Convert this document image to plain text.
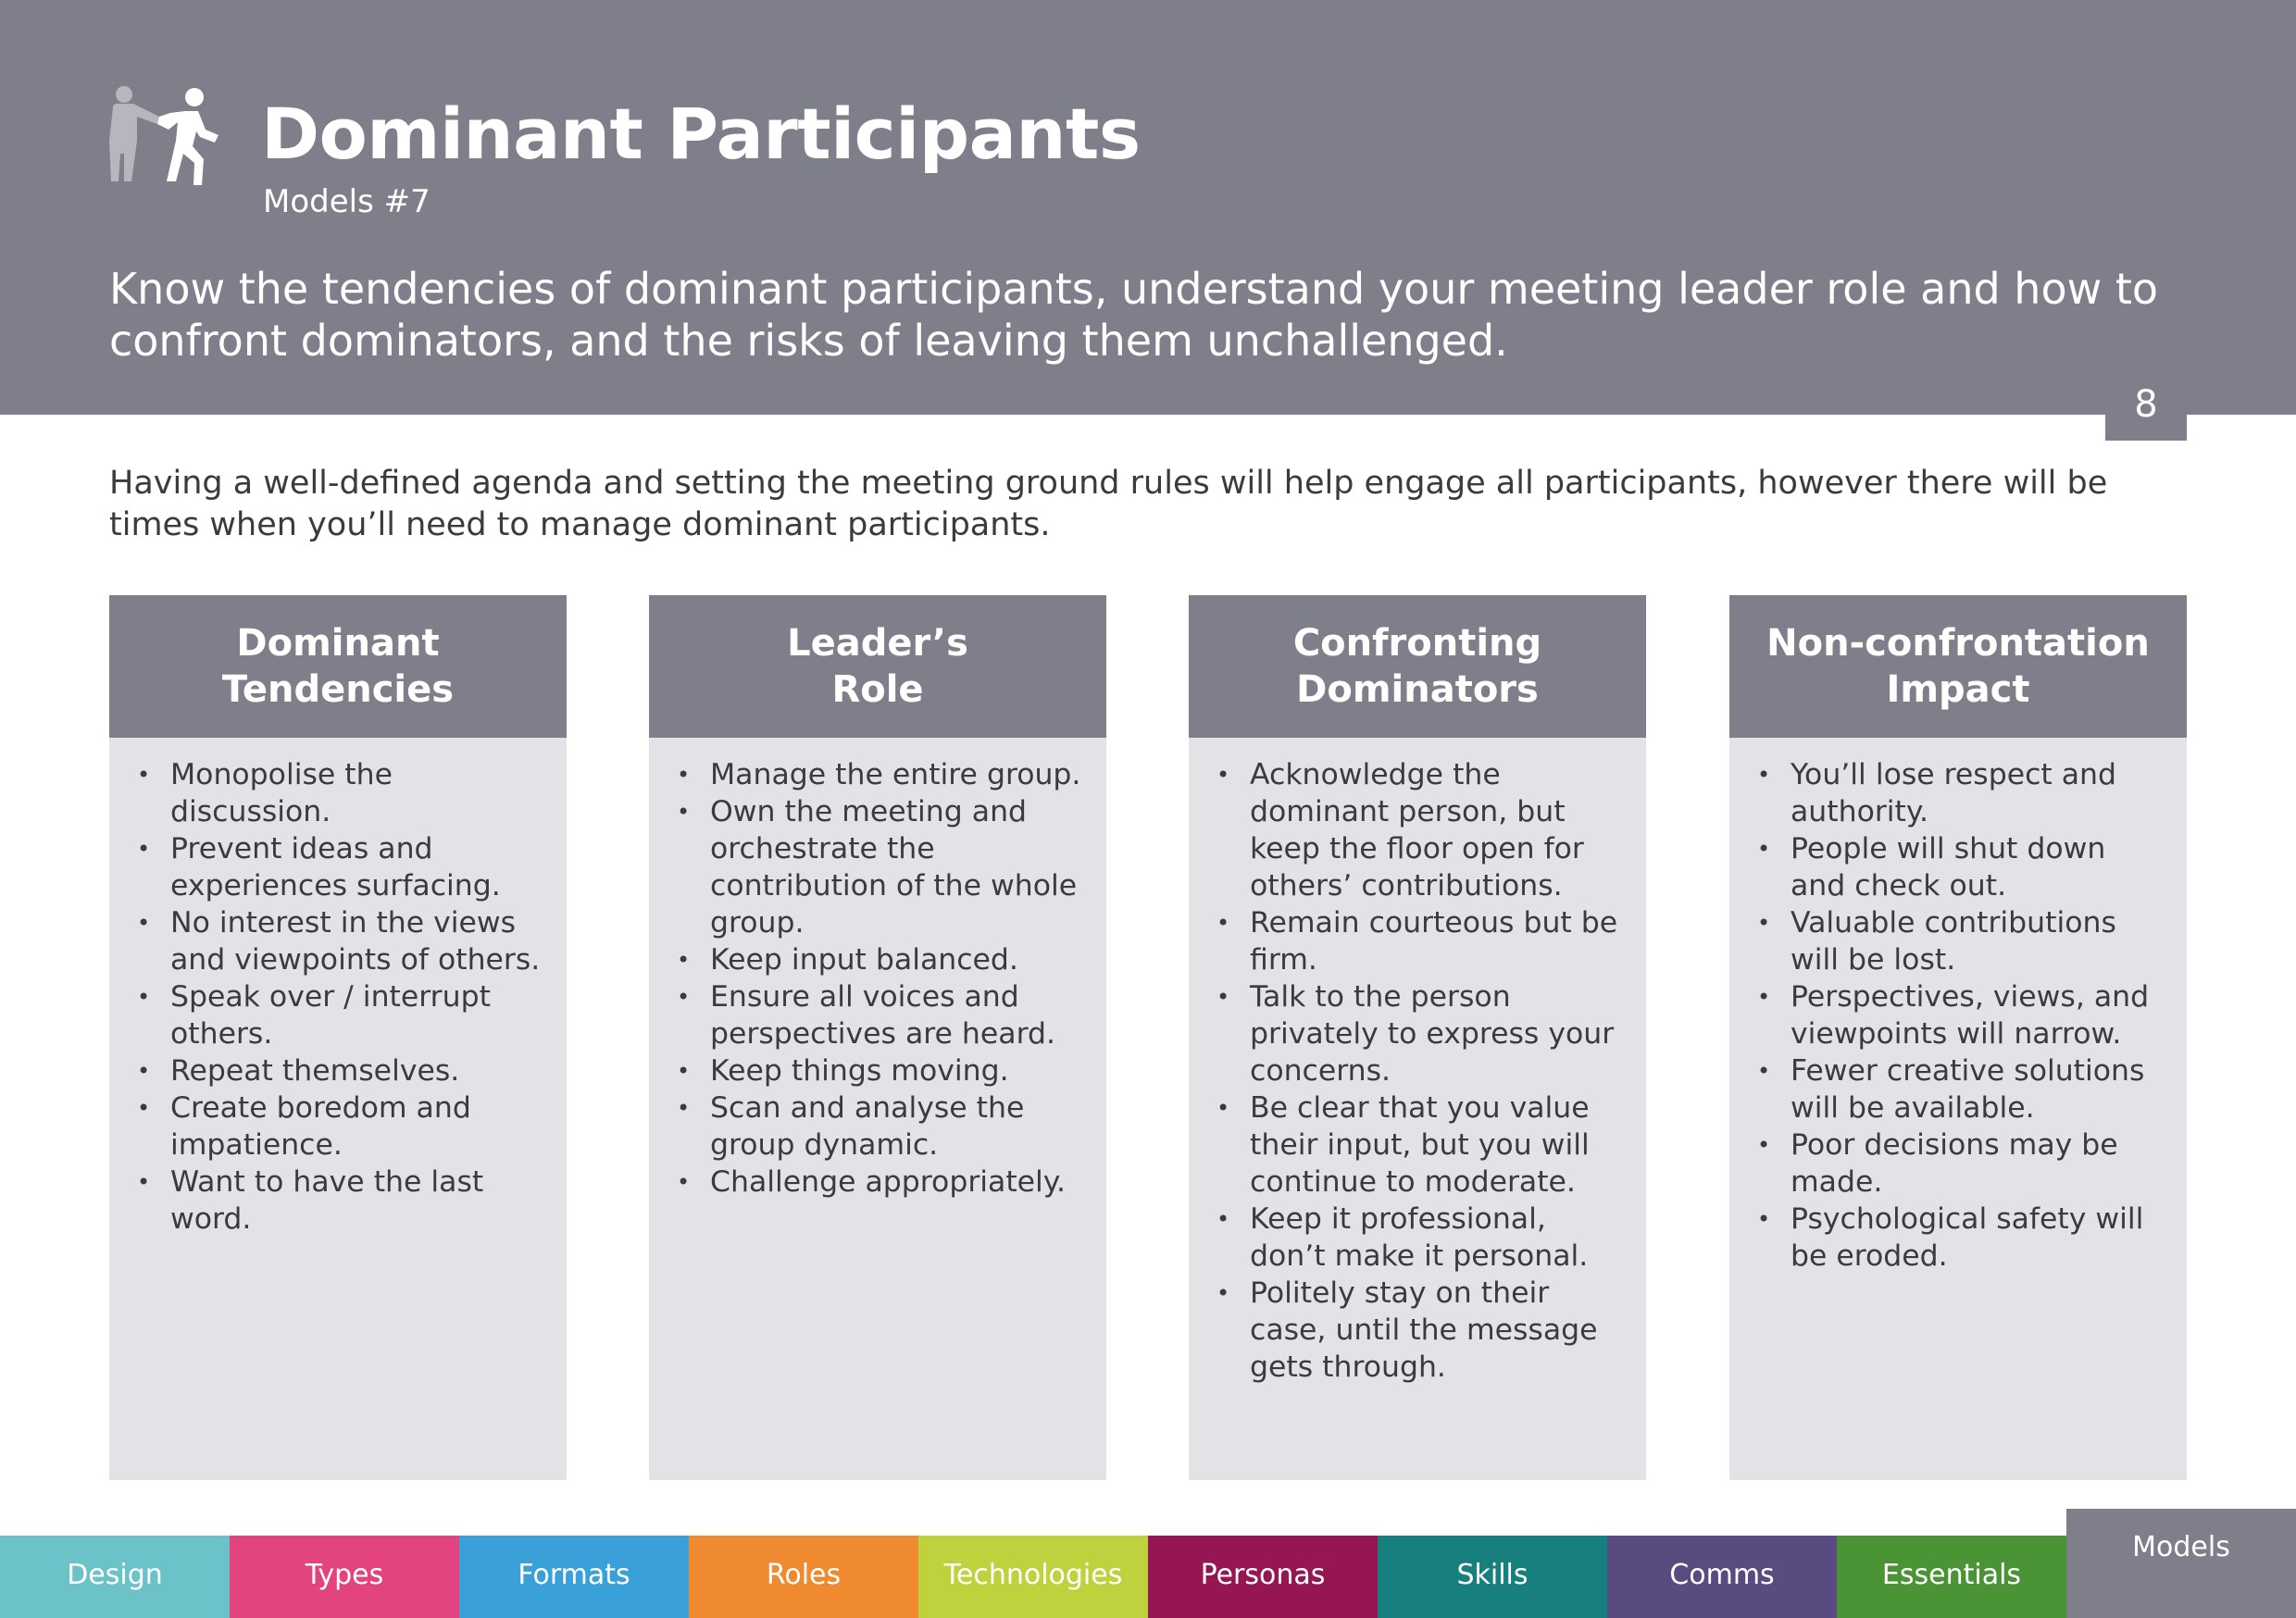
Dominant Participants
Models #7
Know the tendencies of dominant participants, understand your meeting leader role and how to confront dominators, and the risks of leaving them unchallenged.
8
Having a well-defined agenda and setting the meeting ground rules will help engage all participants, however there will be times when you’ll need to manage dominant participants.
Dominant
Tendencies
• Monopolise the discussion.
• Prevent ideas and experiences surfacing.
• No interest in the views and viewpoints of others.
• Speak over / interrupt others.
• Repeat themselves.
• Create boredom and impatience.
• Want to have the last word.
Leader’s
Role
• Manage the entire group.
• Own the meeting and orchestrate the contribution of the whole group.
• Keep input balanced.
• Ensure all voices and perspectives are heard.
• Keep things moving.
• Scan and analyse the group dynamic.
• Challenge appropriately.
Confronting
Dominators
• Acknowledge the dominant person, but keep the floor open for others’ contributions.
• Remain courteous but be firm.
• Talk to the person privately to express your concerns.
• Be clear that you value their input, but you will continue to moderate.
• Keep it professional, don’t make it personal.
• Politely stay on their case, until the message gets through.
Non-confrontation
Impact
• You’ll lose respect and authority.
• People will shut down and check out.
• Valuable contributions will be lost.
• Perspectives, views, and viewpoints will narrow.
• Fewer creative solutions will be available.
• Poor decisions may be made.
• Psychological safety will be eroded.
Design	Types	Formats	Roles	Technologies	Personas	Skills	Comms	Essentials
Models
